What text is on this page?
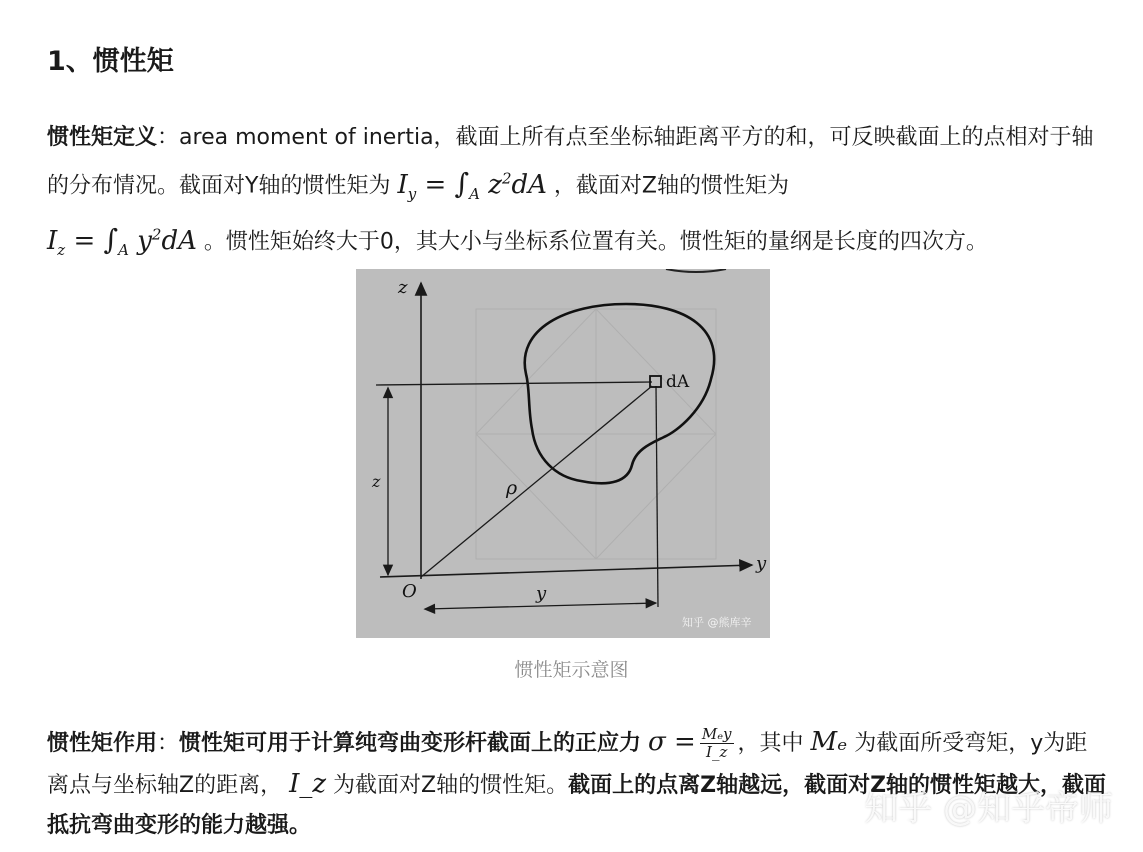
1、惯性矩

惯性矩定义：area moment of inertia，截面上所有点至坐标轴距离平方的和，可反映截面上的点相对于轴的分布情况。截面对Y轴的惯性矩为 $I_y = \int_A$ $z^2dA$ ，截面对Z轴的惯性矩为
$I_z = \int_A$ $y^2dA$ 。惯性矩始终大于0，其大小与坐标系位置有关。惯性矩的量纲是长度的四次方。

z
y
O
dA
ρ
z
y
知乎 @熊库辛
惯性矩示意图

惯性矩作用：惯性矩可用于计算纯弯曲变形杆截面上的正应力 $\sigma = \frac{\text{Mₑy}}{I\_z}$ ，其中 Mₑ 为截面所受弯矩，y为距离点与坐标轴Z的距离， I_z 为截面对Z轴的惯性矩。截面上的点离Z轴越远，截面对Z轴的惯性矩越大，截面抵抗弯曲变形的能力越强。	知乎 @知乎帝师
